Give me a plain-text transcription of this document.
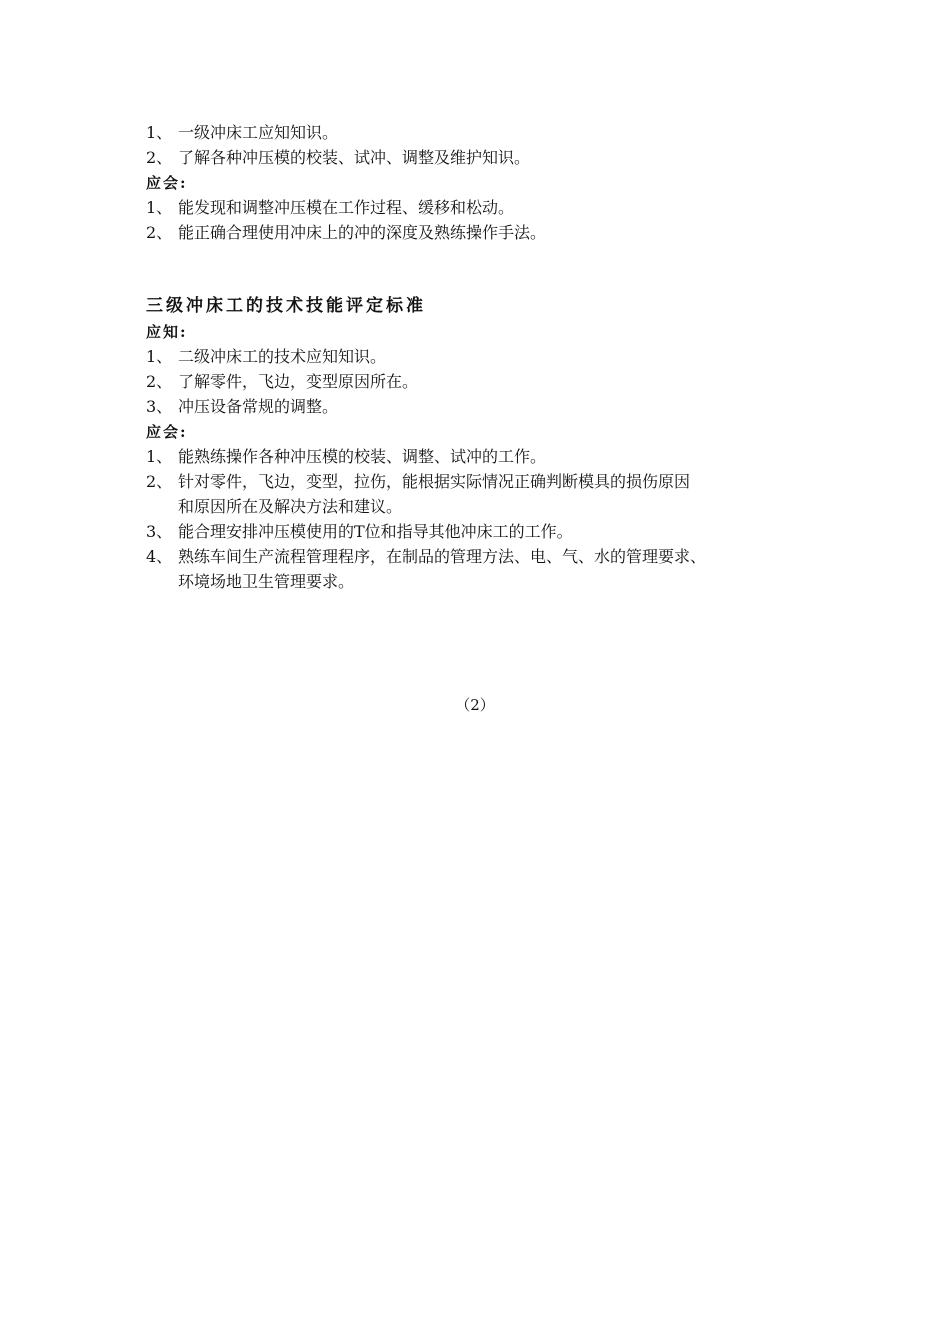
1、 一级冲床工应知知识。
2、 了解各种冲压模的校装、试冲、调整及维护知识。
应会:
1、 能发现和调整冲压模在工作过程、缓移和松动。
2、 能正确合理使用冲床上的冲的深度及熟练操作手法。
三级冲床工的技术技能评定标准
应知:
1、 二级冲床工的技术应知知识。
2、 了解零件，飞边，变型原因所在。
3、 冲压设备常规的调整。
应会:
1、 能熟练操作各种冲压模的校装、调整、试冲的工作。
2、 针对零件，飞边，变型，拉伤，能根据实际情况正确判断模具的损伤原因
和原因所在及解决方法和建议。
3、 能合理安排冲压模使用的T位和指导其他冲床工的工作。
4、 熟练车间生产流程管理程序，在制品的管理方法、电、气、水的管理要求、
环境场地卫生管理要求。
（2）
